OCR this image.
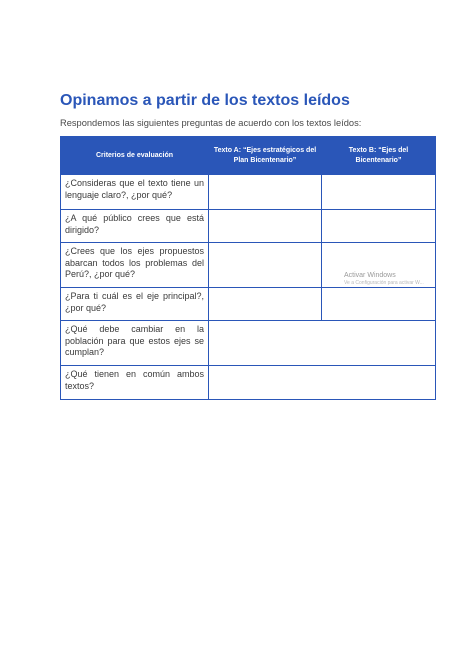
Opinamos a partir de los textos leídos

Respondemos las siguientes preguntas de acuerdo con los textos leídos:

Criterios de evaluación	Texto A: “Ejes estratégicos del Plan Bicentenario”	Texto B: “Ejes del Bicentenario”
¿Consideras que el texto tiene un lenguaje claro?, ¿por qué?		
¿A qué público crees que está dirigido?		
¿Crees que los ejes propuestos abarcan todos los problemas del Perú?, ¿por qué?		
¿Para ti cuál es el eje principal?, ¿por qué?		
¿Qué debe cambiar en la población para que estos ejes se cumplan?		
¿Qué tienen en común ambos textos?		
Activar Windows
Ve a Configuración para activar W...
